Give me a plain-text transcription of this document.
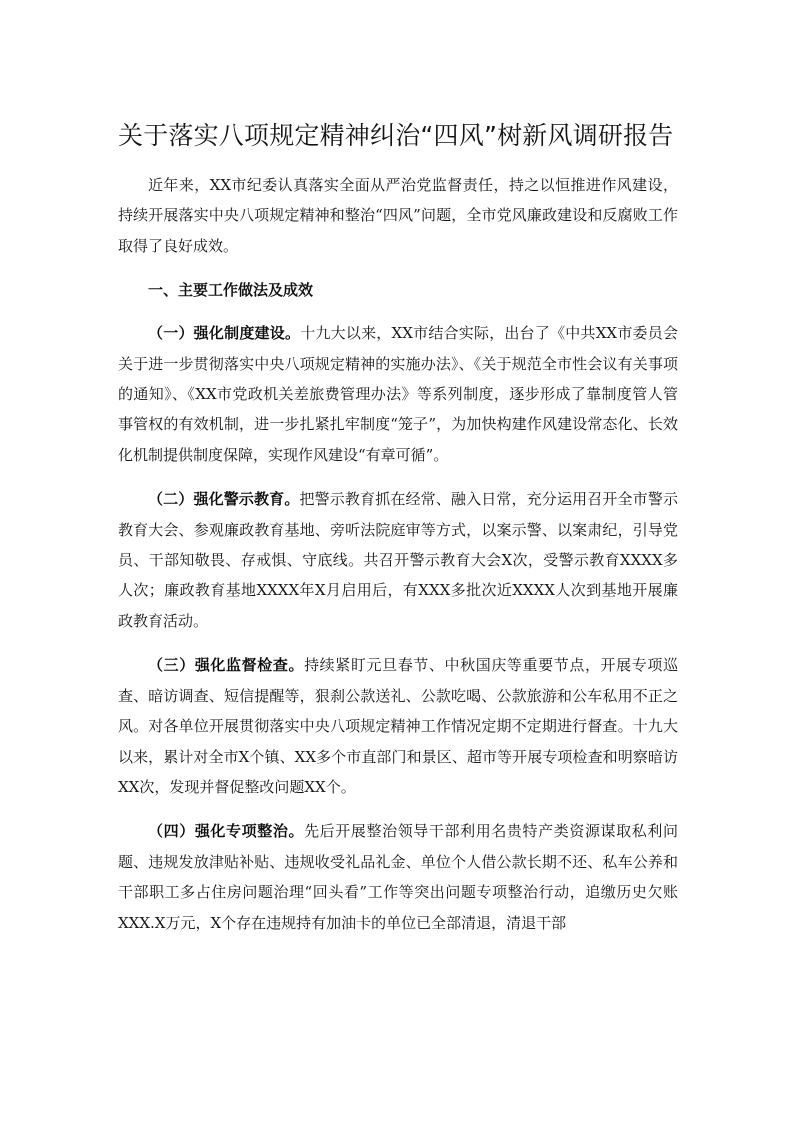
关于落实八项规定精神纠治“四风”树新风调研报告

近年来，XX市纪委认真落实全面从严治党监督责任，持之以恒推进作风建设，持续开展落实中央八项规定精神和整治“四风”问题，全市党风廉政建设和反腐败工作取得了良好成效。

一、主要工作做法及成效

（一）强化制度建设。十九大以来，XX市结合实际，出台了《中共XX市委员会关于进一步贯彻落实中央八项规定精神的实施办法》、《关于规范全市性会议有关事项的通知》、《XX市党政机关差旅费管理办法》等系列制度，逐步形成了靠制度管人管事管权的有效机制，进一步扎紧扎牢制度“笼子”，为加快构建作风建设常态化、长效化机制提供制度保障，实现作风建设“有章可循”。

（二）强化警示教育。把警示教育抓在经常、融入日常，充分运用召开全市警示教育大会、参观廉政教育基地、旁听法院庭审等方式，以案示警、以案肃纪，引导党员、干部知敬畏、存戒惧、守底线。共召开警示教育大会X次，受警示教育XXXX多人次；廉政教育基地XXXX年X月启用后，有XXX多批次近XXXX人次到基地开展廉政教育活动。

（三）强化监督检查。持续紧盯元旦春节、中秋国庆等重要节点，开展专项巡查、暗访调查、短信提醒等，狠刹公款送礼、公款吃喝、公款旅游和公车私用不正之风。对各单位开展贯彻落实中央八项规定精神工作情况定期不定期进行督查。十九大以来，累计对全市X个镇、XX多个市直部门和景区、超市等开展专项检查和明察暗访XX次，发现并督促整改问题XX个。

（四）强化专项整治。先后开展整治领导干部利用名贵特产类资源谋取私利问题、违规发放津贴补贴、违规收受礼品礼金、单位个人借公款长期不还、私车公养和干部职工多占住房问题治理“回头看”工作等突出问题专项整治行动，追缴历史欠账XXX.X万元，X个存在违规持有加油卡的单位已全部清退，清退干部
